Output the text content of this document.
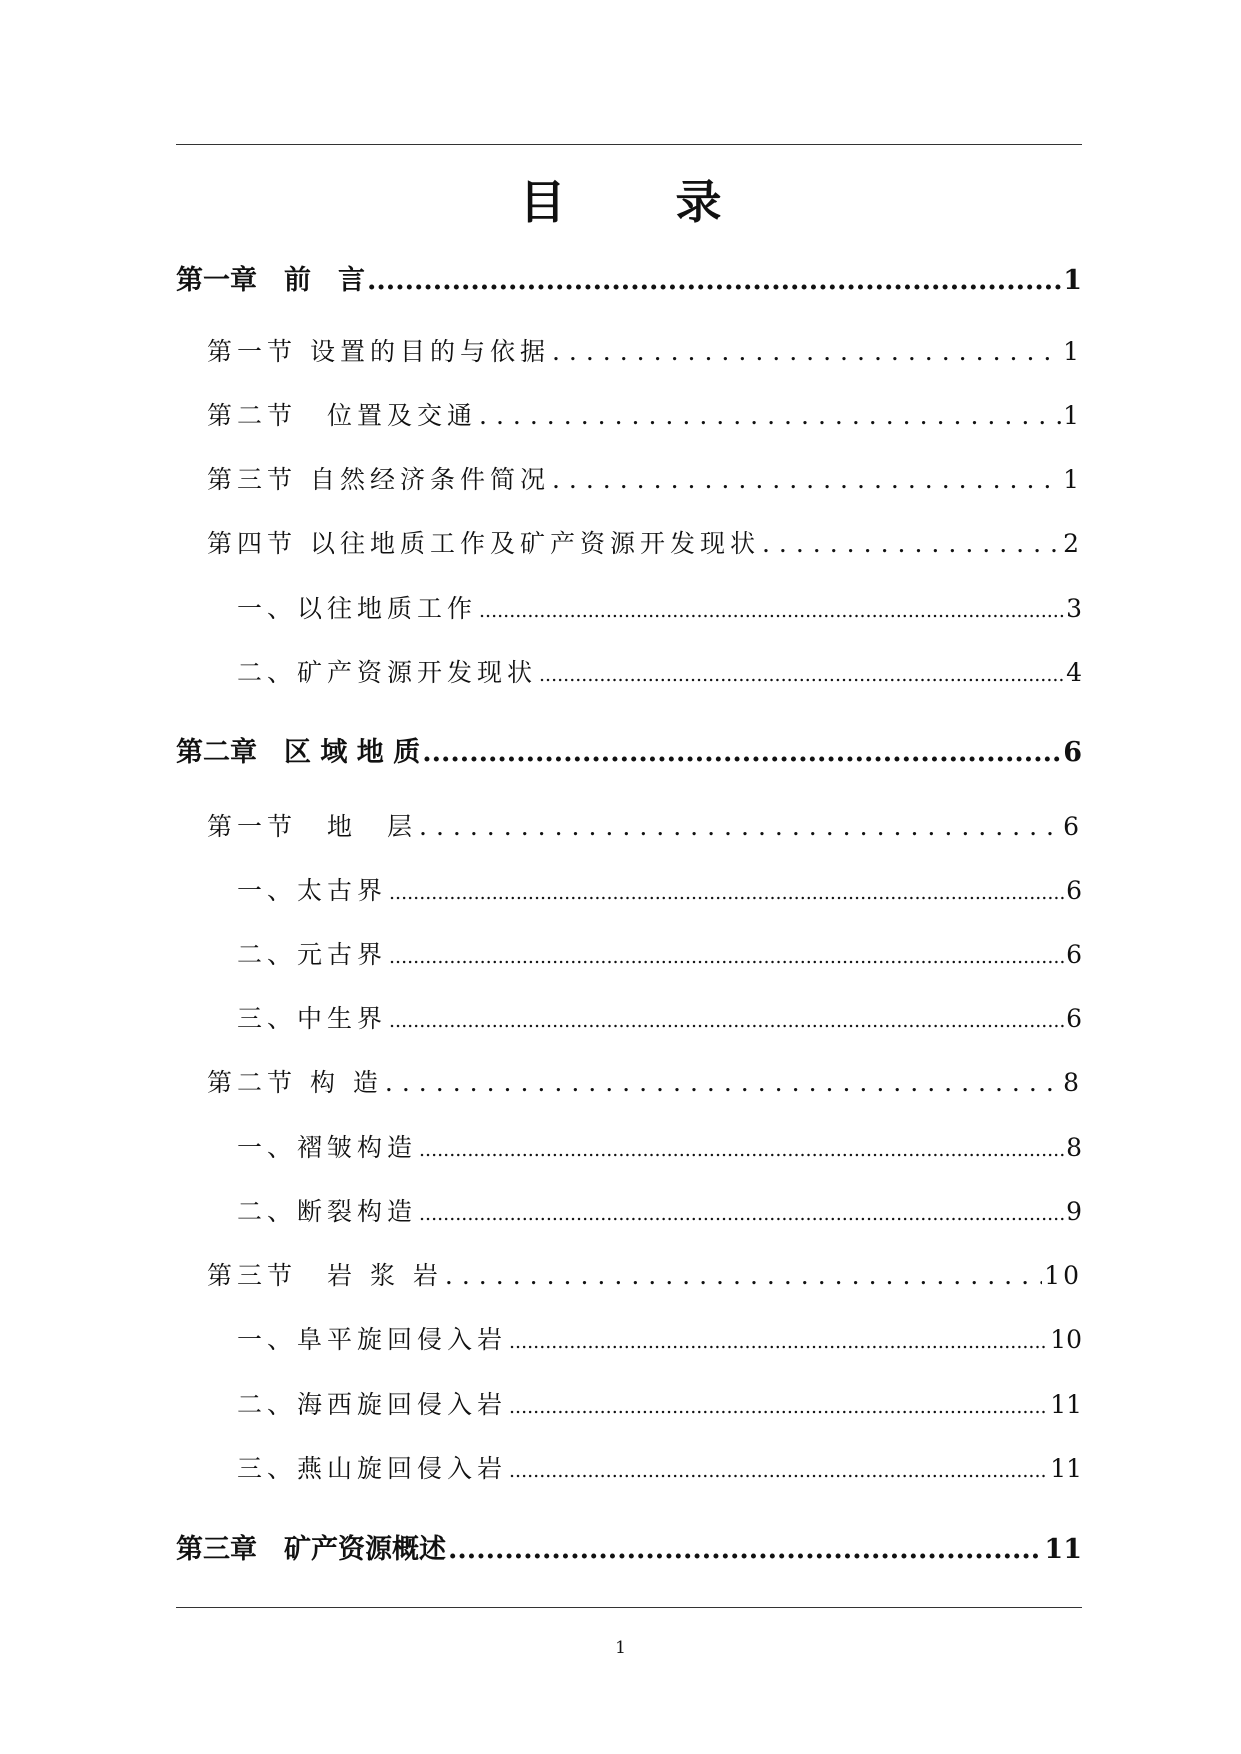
目 录
第一章　前　言 .....	1
第一节 设置的目的与依据 .....	1
第二节　位置及交通 .....	1
第三节 自然经济条件简况 .....	1
第四节 以往地质工作及矿产资源开发现状 .....	2
一、以往地质工作 .....	3
二、矿产资源开发现状 .....	4
第二章　区 域 地 质 .....	6
第一节　地　层 .....	6
一、太古界 .....	6
二、元古界 .....	6
三、中生界 .....	6
第二节 构 造 .....	8
一、褶皱构造 .....	8
二、断裂构造 .....	9
第三节　岩 浆 岩 .....	10
一、阜平旋回侵入岩 .....	10
二、海西旋回侵入岩 .....	11
三、燕山旋回侵入岩 .....	11
第三章　矿产资源概述 .....	11
1
